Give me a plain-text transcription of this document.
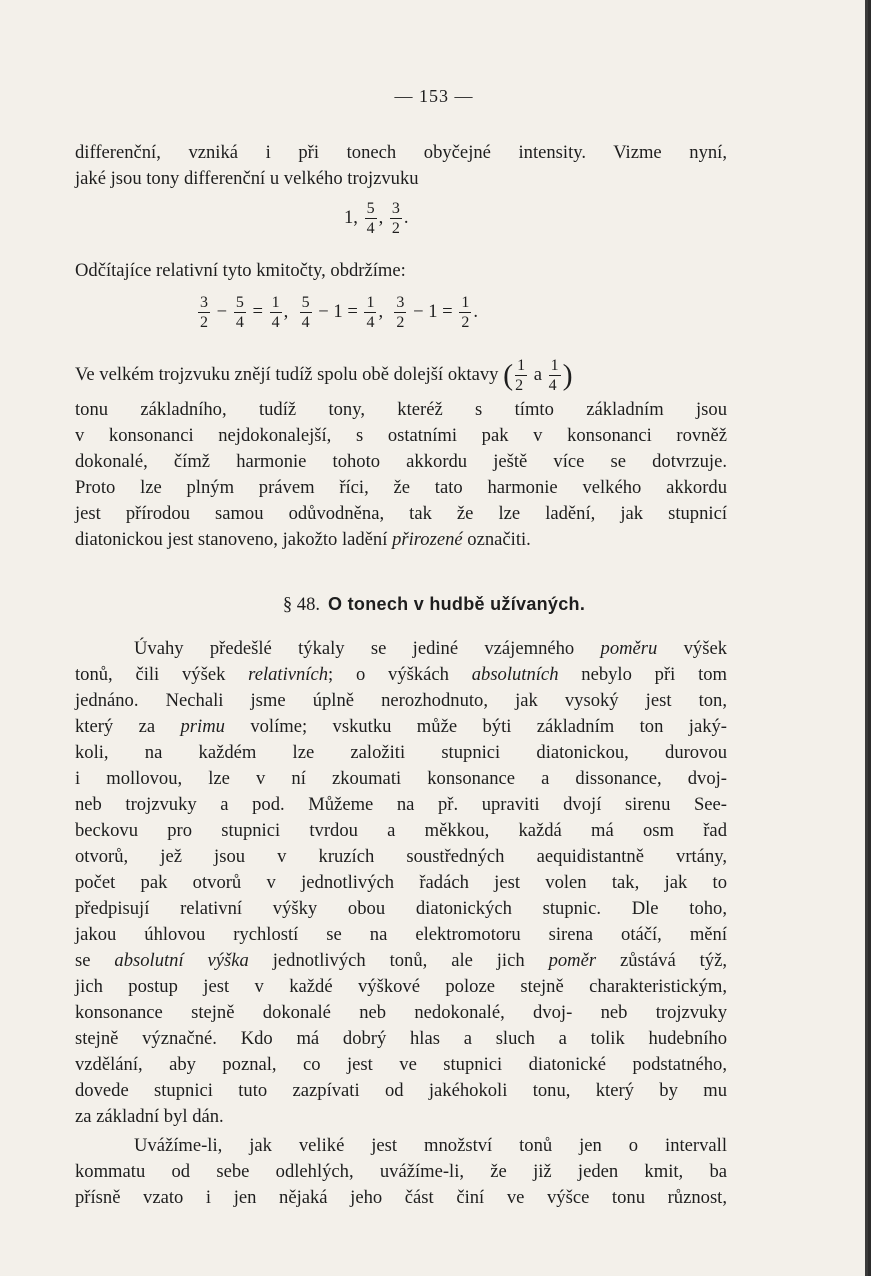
— 153 —
differenční, vzniká i při tonech obyčejné intensity. Vizme nyní,
jaké jsou tony differenční u velkého trojzvuku
1, $\frac{5}{4}$ , $\frac{3}{2}$ .
Odčítajíce relativní tyto kmitočty, obdržíme:
$\frac{3}{2} - \frac{5}{4} = \frac{1}{4}$ , $\frac{5}{4} - 1 = \frac{1}{4}$ , $\frac{3}{2} - 1 = \frac{1}{2}$ .
Ve velkém trojzvuku znějí tudíž spolu obě dolejší oktavy ( $\frac{1}{2}$ a $\frac{1}{4}$ )
tonu základního, tudíž tony, kteréž s tímto základním jsou
v konsonanci nejdokonalejší, s ostatními pak v konsonanci rovněž
dokonalé, čímž harmonie tohoto akkordu ještě více se dotvrzuje.
Proto lze plným právem říci, že tato harmonie velkého akkordu
jest přírodou samou odůvodněna, tak že lze ladění, jak stupnicí
diatonickou jest stanoveno, jakožto ladění přirozené označiti.
§ 48. O tonech v hudbě užívaných.
Úvahy předešlé týkaly se jediné vzájemného poměru výšek
tonů, čili výšek relativních; o výškách absolutních nebylo při tom
jednáno. Nechali jsme úplně nerozhodnuto, jak vysoký jest ton,
který za primu volíme; vskutku může býti základním ton jaký-
koli, na každém lze založiti stupnici diatonickou, durovou
i mollovou, lze v ní zkoumati konsonance a dissonance, dvoj-
neb trojzvuky a pod. Můžeme na př. upraviti dvojí sirenu See-
beckovu pro stupnici tvrdou a měkkou, každá má osm řad
otvorů, jež jsou v kruzích soustředných aequidistantně vrtány,
počet pak otvorů v jednotlivých řadách jest volen tak, jak to
předpisují relativní výšky obou diatonických stupnic. Dle toho,
jakou úhlovou rychlostí se na elektromotoru sirena otáčí, mění
se absolutní výška jednotlivých tonů, ale jich poměr zůstává týž,
jich postup jest v každé výškové poloze stejně charakteristickým,
konsonance stejně dokonalé neb nedokonalé, dvoj- neb trojzvuky
stejně význačné. Kdo má dobrý hlas a sluch a tolik hudebního
vzdělání, aby poznal, co jest ve stupnici diatonické podstatného,
dovede stupnici tuto zazpívati od jakéhokoli tonu, který by mu
za základní byl dán.
Uvážíme-li, jak veliké jest množství tonů jen o intervall
kommatu od sebe odlehlých, uvážíme-li, že již jeden kmit, ba
přísně vzato i jen nějaká jeho část činí ve výšce tonu různost,
